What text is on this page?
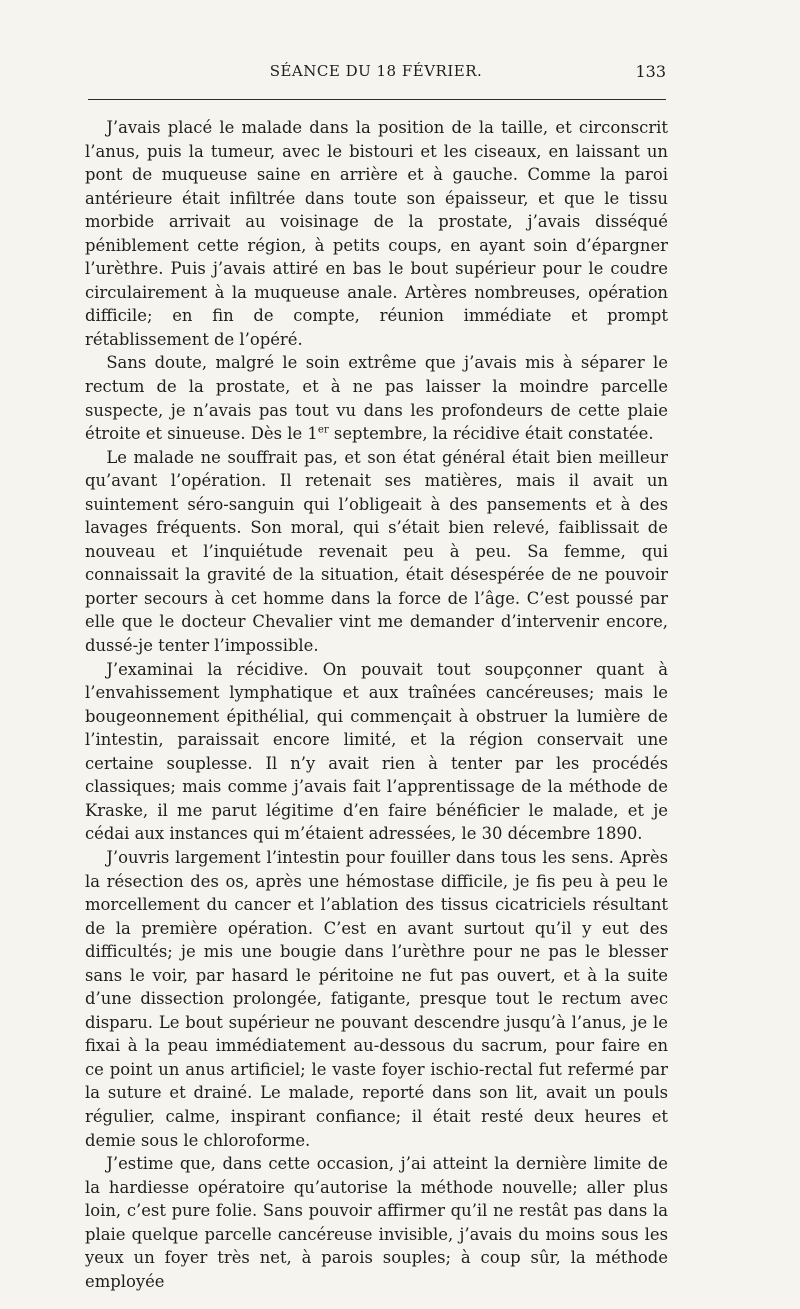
SÉANCE DU 18 FÉVRIER.	133

J’avais placé le malade dans la position de la taille, et circonscrit l’anus, puis la tumeur, avec le bistouri et les ciseaux, en laissant un pont de muqueuse saine en arrière et à gauche. Comme la paroi antérieure était infiltrée dans toute son épaisseur, et que le tissu morbide arrivait au voisinage de la prostate, j’avais disséqué péniblement cette région, à petits coups, en ayant soin d’épargner l’urèthre. Puis j’avais attiré en bas le bout supérieur pour le coudre circulairement à la muqueuse anale. Artères nombreuses, opération difficile; en fin de compte, réunion immédiate et prompt rétablissement de l’opéré.

Sans doute, malgré le soin extrême que j’avais mis à séparer le rectum de la prostate, et à ne pas laisser la moindre parcelle suspecte, je n’avais pas tout vu dans les profondeurs de cette plaie étroite et sinueuse. Dès le 1er septembre, la récidive était constatée.

Le malade ne souffrait pas, et son état général était bien meilleur qu’avant l’opération. Il retenait ses matières, mais il avait un suintement séro-sanguin qui l’obligeait à des pansements et à des lavages fréquents. Son moral, qui s’était bien relevé, faiblissait de nouveau et l’inquiétude revenait peu à peu. Sa femme, qui connaissait la gravité de la situation, était désespérée de ne pouvoir porter secours à cet homme dans la force de l’âge. C’est poussé par elle que le docteur Chevalier vint me demander d’intervenir encore, dussé-je tenter l’impossible.

J’examinai la récidive. On pouvait tout soupçonner quant à l’envahissement lymphatique et aux traînées cancéreuses; mais le bougeonnement épithélial, qui commençait à obstruer la lumière de l’intestin, paraissait encore limité, et la région conservait une certaine souplesse. Il n’y avait rien à tenter par les procédés classiques; mais comme j’avais fait l’apprentissage de la méthode de Kraske, il me parut légitime d’en faire bénéficier le malade, et je cédai aux instances qui m’étaient adressées, le 30 décembre 1890.

J’ouvris largement l’intestin pour fouiller dans tous les sens. Après la résection des os, après une hémostase difficile, je fis peu à peu le morcellement du cancer et l’ablation des tissus cicatriciels résultant de la première opération. C’est en avant surtout qu’il y eut des difficultés; je mis une bougie dans l’urèthre pour ne pas le blesser sans le voir, par hasard le péritoine ne fut pas ouvert, et à la suite d’une dissection prolongée, fatigante, presque tout le rectum avec disparu. Le bout supérieur ne pouvant descendre jusqu’à l’anus, je le fixai à la peau immédiatement au-dessous du sacrum, pour faire en ce point un anus artificiel; le vaste foyer ischio-rectal fut refermé par la suture et drainé. Le malade, reporté dans son lit, avait un pouls régulier, calme, inspirant confiance; il était resté deux heures et demie sous le chloroforme.

J’estime que, dans cette occasion, j’ai atteint la dernière limite de la hardiesse opératoire qu’autorise la méthode nouvelle; aller plus loin, c’est pure folie. Sans pouvoir affirmer qu’il ne restât pas dans la plaie quelque parcelle cancéreuse invisible, j’avais du moins sous les yeux un foyer très net, à parois souples; à coup sûr, la méthode employée
